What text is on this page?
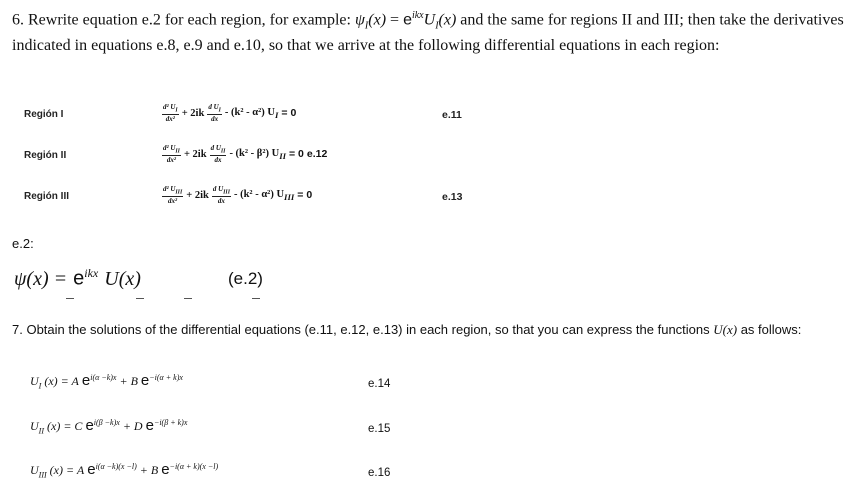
6. Rewrite equation e.2 for each region, for example: $\psi_I(x) = e^{ikx}U_I(x)$ and the same for regions II and III; then take the derivatives indicated in equations e.8, e.9 and e.10, so that we arrive at the following differential equations in each region:
Región I	$\frac{d^2 U_I}{\text{dx²}} + 2ik \frac{d U_I}{dx} - (k^2 - \alpha^2) U_I = 0$	e.11
Región II	$\frac{d^2 U_{II}}{\text{dx²}} + 2ik \frac{d U_{II}}{dx} - (k^2 - \beta^2) U_{II} = 0$ e.12
Región III	$\frac{d^2 U_{III}}{\text{dx²}} + 2ik \frac{d U_{III}}{dx} - (k^2 - \alpha^2) U_{III} = 0$	e.13
e.2:
$\psi(x) = e^{ikx}$ U(x)	(e.2)
7. Obtain the solutions of the differential equations (e.11, e.12, e.13) in each region, so that you can express the functions U(x) as follows:
$U_I$ (x) = A $e^{i(\alpha -k)x} + B$ $e^{-i(\alpha + k)x}$
e.14
$U_{II}$ (x) = C $e^{i(\beta -k)x} + D$ $e^{-i(\beta + k)x}$
e.15
$U_{III}$ (x) = A $e^{i(\alpha -k)(x -l)} + B$ $e^{-i(\alpha + k)(x -l)}$
e.16
